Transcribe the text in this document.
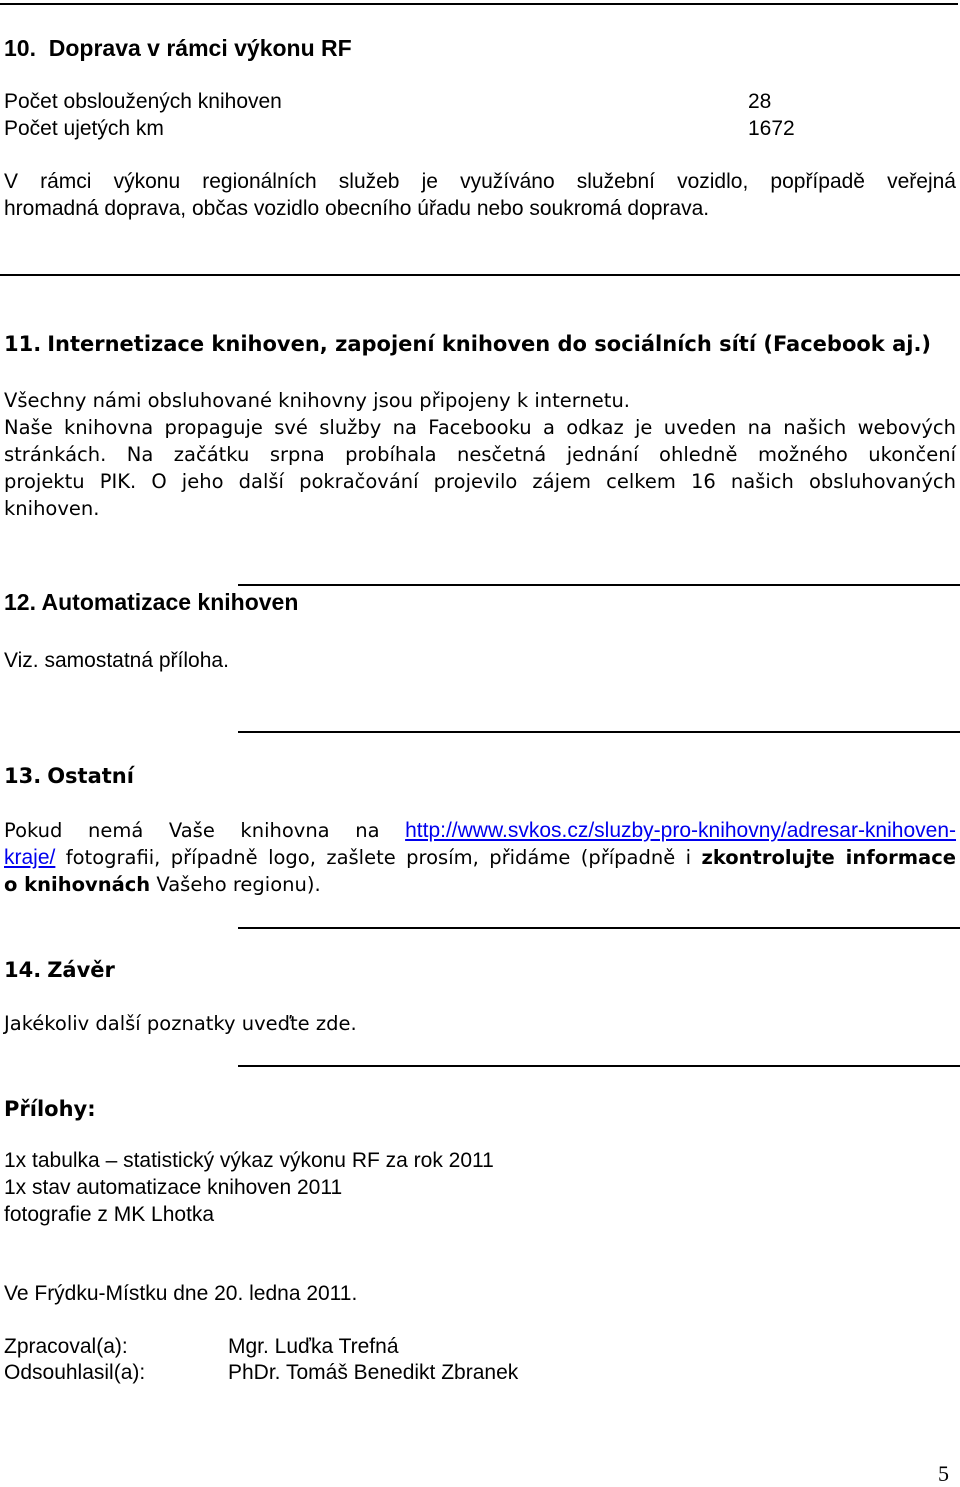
10.  Doprava v rámci výkonu RF
Počet obsloužených knihoven	28
Počet ujetých km	1672
V rámci výkonu regionálních služeb je využíváno služební vozidlo, popřípadě veřejná
hromadná doprava, občas vozidlo obecního úřadu nebo soukromá doprava.
11. Internetizace knihoven, zapojení knihoven do sociálních sítí (Facebook aj.)
Všechny námi obsluhované knihovny jsou připojeny k internetu.
Naše knihovna propaguje své služby na Facebooku a odkaz je uveden na našich webových
stránkách. Na začátku srpna probíhala nesčetná jednání ohledně možného ukončení
projektu PIK. O jeho další pokračování projevilo zájem celkem 16 našich obsluhovaných
knihoven.
12. Automatizace knihoven
Viz. samostatná příloha.
13. Ostatní
Pokud nemá Vaše knihovna na http://www.svkos.cz/sluzby-pro-knihovny/adresar-knihoven-
kraje/ fotografii, případně logo, zašlete prosím, přidáme (případně i zkontrolujte informace
o knihovnách Vašeho regionu).
14. Závěr
Jakékoliv další poznatky uveďte zde.
Přílohy:
1x tabulka – statistický výkaz výkonu RF za rok 2011
1x stav automatizace knihoven 2011
fotografie z MK Lhotka
Ve Frýdku-Místku dne 20. ledna 2011.
Zpracoval(a):	Mgr. Luďka Trefná
Odsouhlasil(a):	PhDr. Tomáš Benedikt Zbranek
5
